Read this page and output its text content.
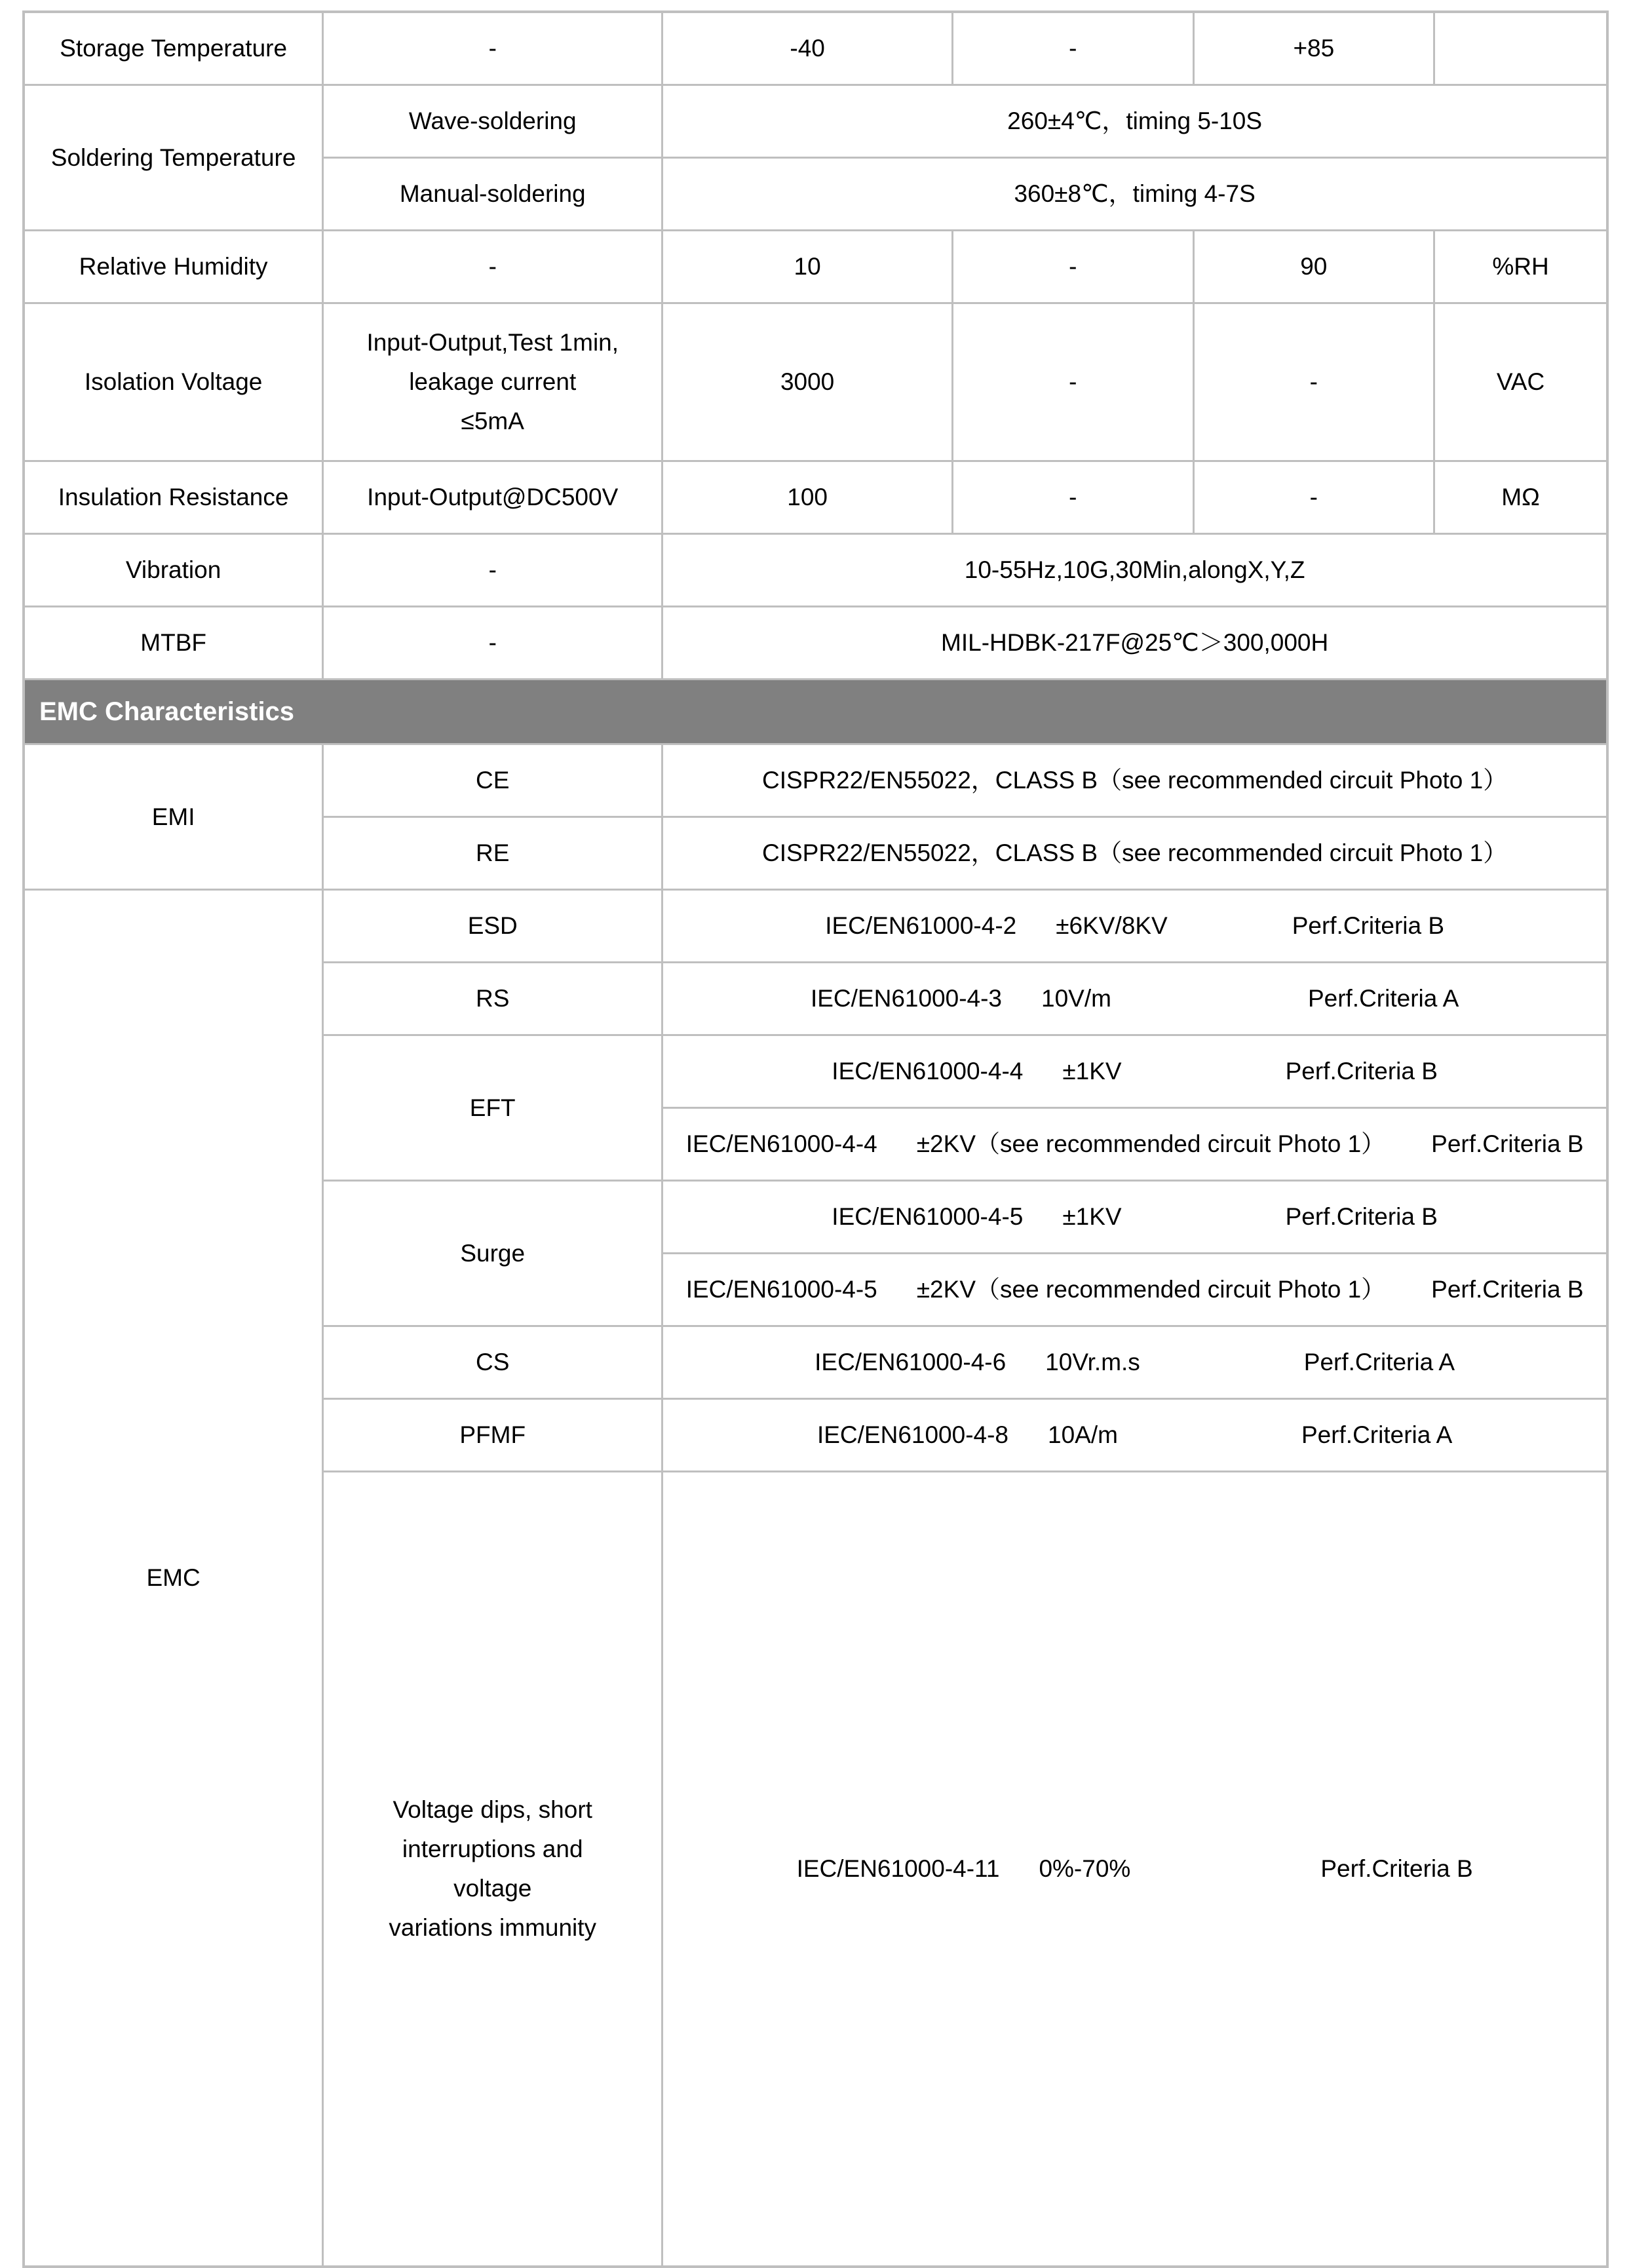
Storage Temperature	-	-40	-	+85	
Soldering Temperature	Wave-soldering	260±4℃，timing 5-10S			
	Manual-soldering	360±8℃，timing 4-7S			
Relative Humidity	-	10	-	90	%RH
Isolation Voltage	Input-Output,Test 1min,
leakage current
≤5mA	3000	-	-	VAC
Insulation Resistance	Input-Output@DC500V	100	-	-	MΩ
Vibration	-	10-55Hz,10G,30Min,alongX,Y,Z			
MTBF	-	MIL-HDBK-217F@25℃＞300,000H			
EMC Characteristics					
EMI	CE	CISPR22/EN55022，CLASS B（see recommended circuit Photo 1）			
	RE	CISPR22/EN55022，CLASS B（see recommended circuit Photo 1）			
EMC	ESD	IEC/EN61000-4-2 ±6KV/8KV Perf.Criteria B			
	RS	IEC/EN61000-4-3 10V/m Perf.Criteria A			
	EFT	IEC/EN61000-4-4 ±1KV Perf.Criteria B			
		IEC/EN61000-4-4 ±2KV（see recommended circuit Photo 1） Perf.Criteria B			
	Surge	IEC/EN61000-4-5 ±1KV Perf.Criteria B			
		IEC/EN61000-4-5 ±2KV（see recommended circuit Photo 1） Perf.Criteria B			
	CS	IEC/EN61000-4-6 10Vr.m.s Perf.Criteria A			
	PFMF	IEC/EN61000-4-8 10A/m Perf.Criteria A			
	Voltage dips, short
interruptions and
voltage
variations immunity	IEC/EN61000-4-11 0%-70% Perf.Criteria B			
